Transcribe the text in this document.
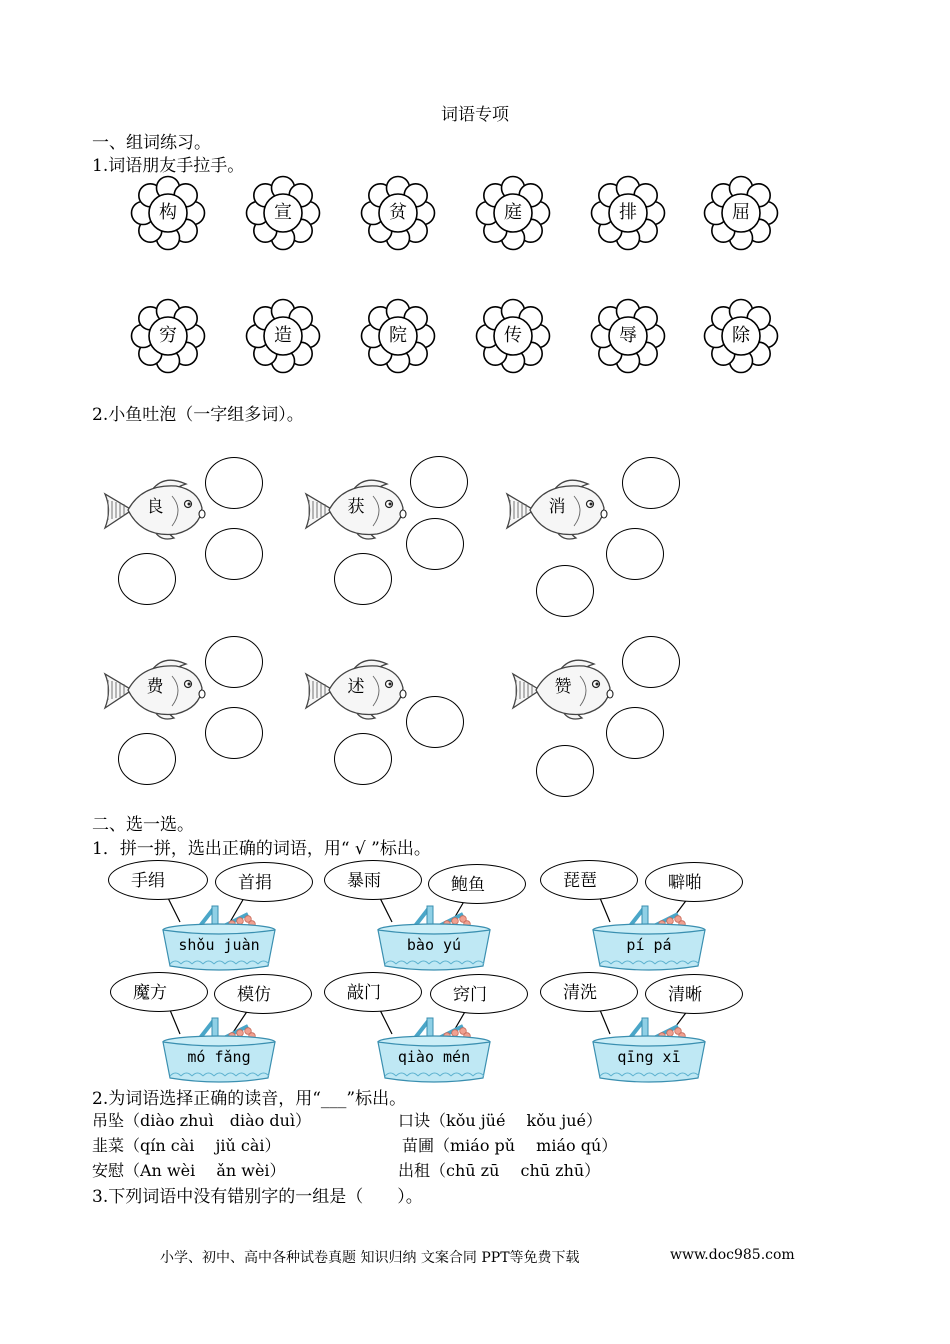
词语专项
一、组词练习。
1.词语朋友手拉手。
构	宣	贫	庭	排	屈
穷	造	院	传	辱	除
2.小鱼吐泡（一字组多词）。
良	获	消
费	述	赞
二、选一选。
1．拼一拼，选出正确的词语，用“ √ ”标出。
shǒu juàn	bào yú	pí pá
mó fǎng	qiào mén	qīng xī
手绢	首捐	暴雨	鲍鱼	琵琶	噼啪
魔方	模仿	敲门	窍门	清洗	清晰
2.为词语选择正确的读音，用“___”标出。
吊坠（diào zhuì　diào duì）	口诀（kǒu jüé　 kǒu jué）
韭菜（qín cài　 jiǔ cài）	苗圃（miáo pǔ　 miáo qú）
安慰（An wèi　 ǎn wèi）	出租（chū zū　 chū zhū）
3.下列词语中没有错别字的一组是（　　）。
小学、初中、高中各种试卷真题 知识归纳 文案合同 PPT等免费下载	www.doc985.com
